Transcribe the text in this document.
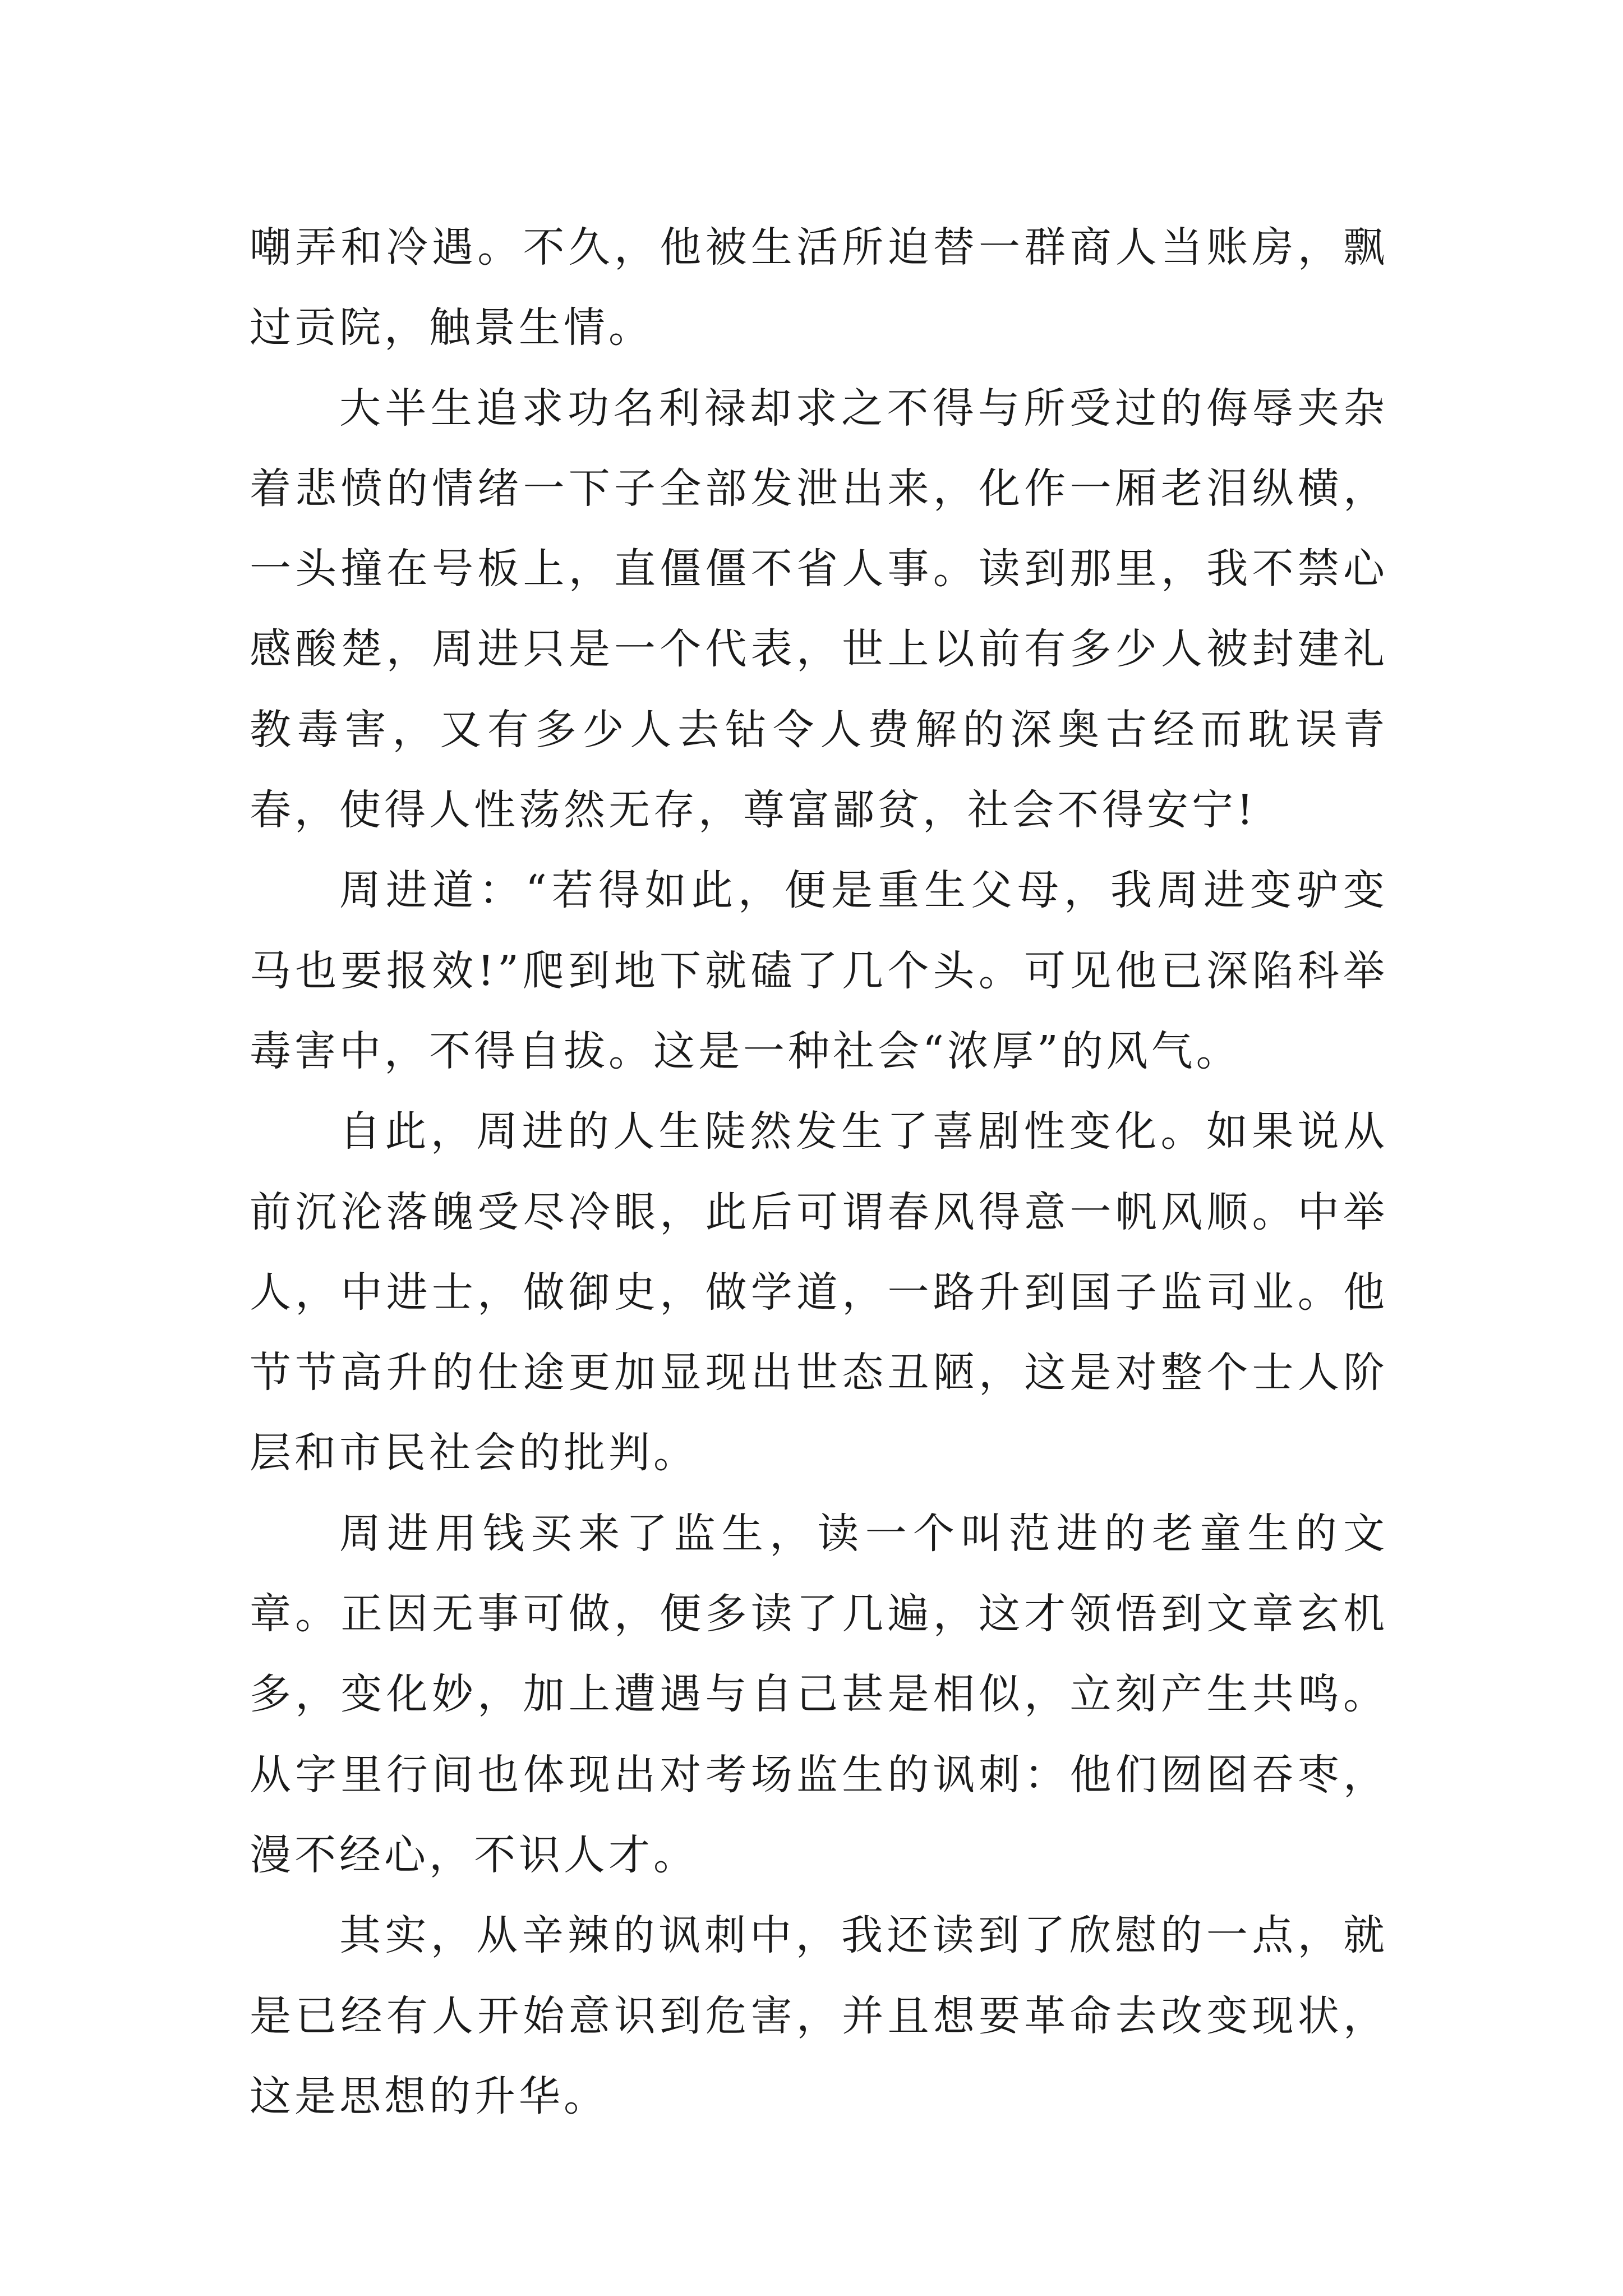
嘲弄和冷遇。不久，他被生活所迫替一群商人当账房，飘过贡院，触景生情。

大半生追求功名利禄却求之不得与所受过的侮辱夹杂着悲愤的情绪一下子全部发泄出来，化作一厢老泪纵横，一头撞在号板上，直僵僵不省人事。读到那里，我不禁心感酸楚，周进只是一个代表，世上以前有多少人被封建礼教毒害，又有多少人去钻令人费解的深奥古经而耽误青春，使得人性荡然无存，尊富鄙贫，社会不得安宁!

周进道：“若得如此，便是重生父母，我周进变驴变马也要报效!”爬到地下就磕了几个头。可见他已深陷科举毒害中，不得自拔。这是一种社会“浓厚”的风气。

自此，周进的人生陡然发生了喜剧性变化。如果说从前沉沦落魄受尽冷眼，此后可谓春风得意一帆风顺。中举人，中进士，做御史，做学道，一路升到国子监司业。他节节高升的仕途更加显现出世态丑陋，这是对整个士人阶层和市民社会的批判。

周进用钱买来了监生，读一个叫范进的老童生的文章。正因无事可做，便多读了几遍，这才领悟到文章玄机多，变化妙，加上遭遇与自己甚是相似，立刻产生共鸣。从字里行间也体现出对考场监生的讽刺：他们囫囵吞枣，漫不经心，不识人才。

其实，从辛辣的讽刺中，我还读到了欣慰的一点，就是已经有人开始意识到危害，并且想要革命去改变现状，这是思想的升华。
